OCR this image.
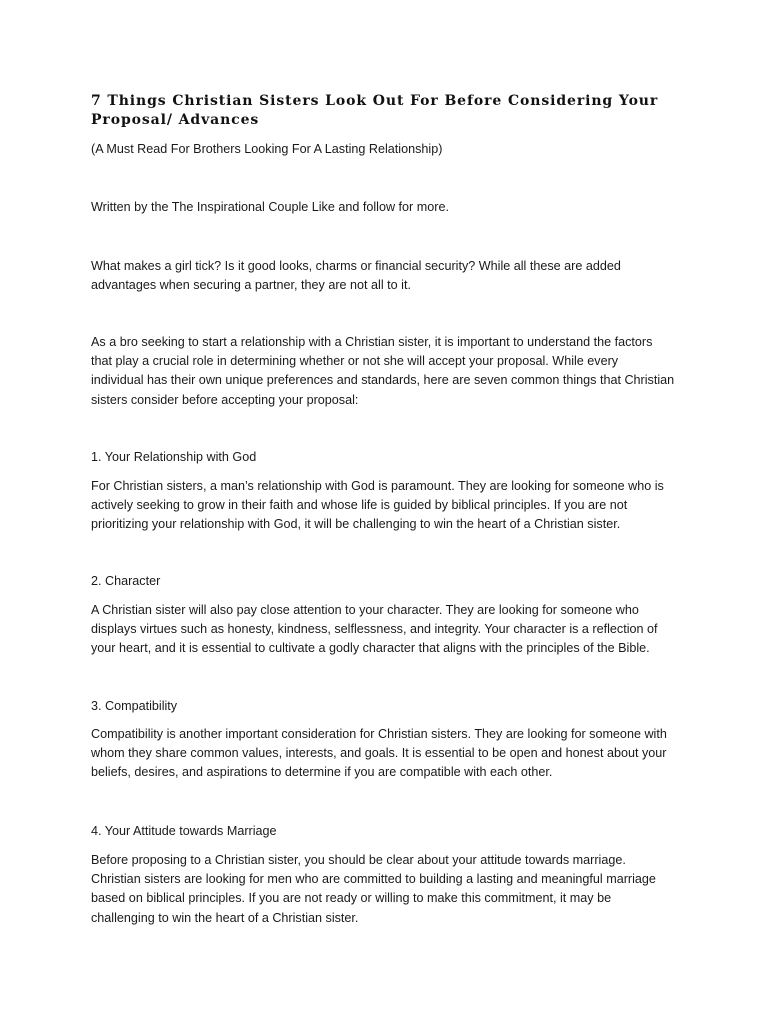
7 Things Christian Sisters Look Out For Before Considering Your
Proposal/ Advances
(A Must Read For Brothers Looking For A Lasting Relationship)
Written by the The Inspirational Couple Like and follow for more.
What makes a girl tick? Is it good looks, charms or financial security? While all these are added
advantages when securing a partner, they are not all to it.
As a bro seeking to start a relationship with a Christian sister, it is important to understand the factors
that play a crucial role in determining whether or not she will accept your proposal. While every
individual has their own unique preferences and standards, here are seven common things that Christian
sisters consider before accepting your proposal:
1. Your Relationship with God
For Christian sisters, a man’s relationship with God is paramount. They are looking for someone who is
actively seeking to grow in their faith and whose life is guided by biblical principles. If you are not
prioritizing your relationship with God, it will be challenging to win the heart of a Christian sister.
2. Character
A Christian sister will also pay close attention to your character. They are looking for someone who
displays virtues such as honesty, kindness, selflessness, and integrity. Your character is a reflection of
your heart, and it is essential to cultivate a godly character that aligns with the principles of the Bible.
3. Compatibility
Compatibility is another important consideration for Christian sisters. They are looking for someone with
whom they share common values, interests, and goals. It is essential to be open and honest about your
beliefs, desires, and aspirations to determine if you are compatible with each other.
4. Your Attitude towards Marriage
Before proposing to a Christian sister, you should be clear about your attitude towards marriage.
Christian sisters are looking for men who are committed to building a lasting and meaningful marriage
based on biblical principles. If you are not ready or willing to make this commitment, it may be
challenging to win the heart of a Christian sister.
